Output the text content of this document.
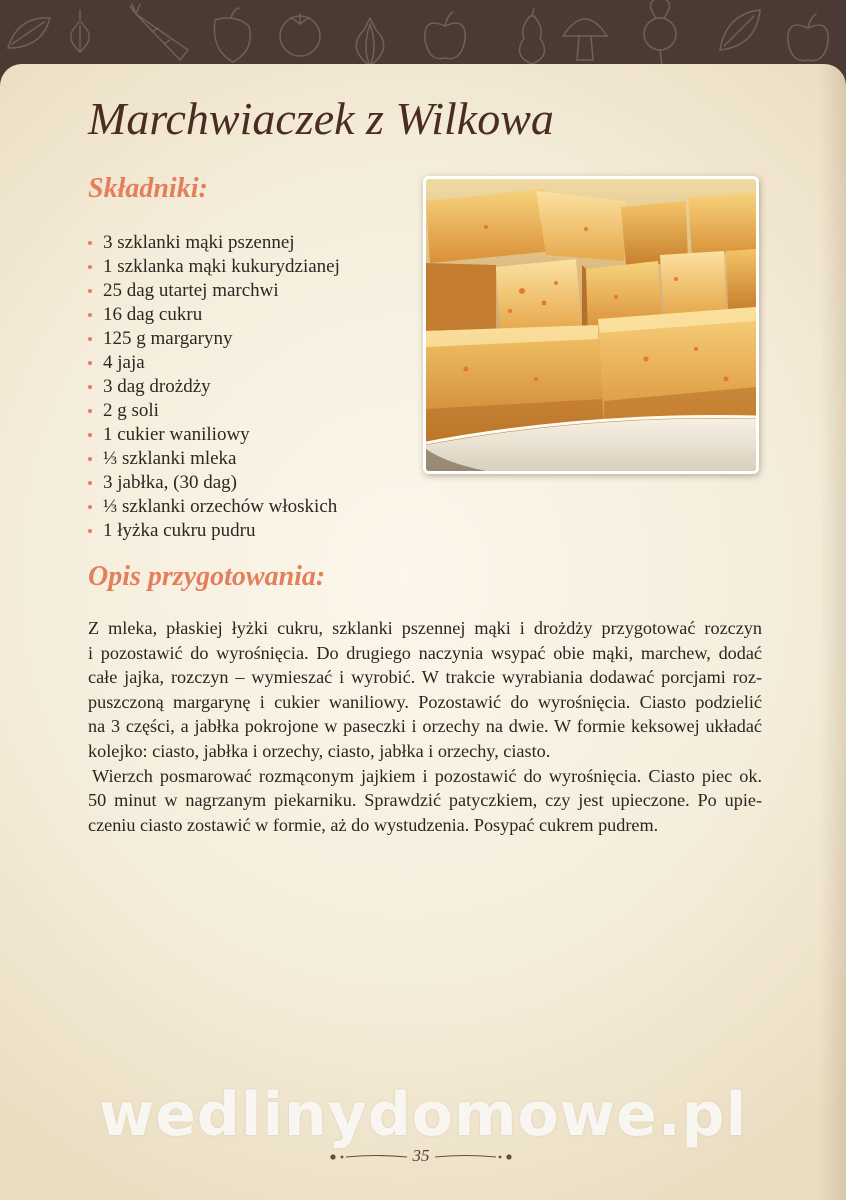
Marchwiaczek z Wilkowa
Składniki:
3 szklanki mąki pszennej
1 szklanka mąki kukurydzianej
25 dag utartej marchwi
16 dag cukru
125 g margaryny
4 jaja
3 dag drożdży
2 g soli
1 cukier waniliowy
⅓ szklanki mleka
3 jabłka, (30 dag)
⅓ szklanki orzechów włoskich
1 łyżka cukru pudru
Opis przygotowania:

Z mleka, płaskiej łyżki cukru, szklanki pszennej mąki i drożdży przygotować rozczyn
i pozostawić do wyrośnięcia. Do drugiego naczynia wsypać obie mąki, marchew, dodać
całe jajka, rozczyn – wymieszać i wyrobić. W trakcie wyrabiania dodawać porcjami roz-
puszczoną margarynę i cukier waniliowy. Pozostawić do wyrośnięcia. Ciasto podzielić
na 3 części, a jabłka pokrojone w paseczki i orzechy na dwie. W formie keksowej układać
kolejko: ciasto, jabłka i orzechy, ciasto, jabłka i orzechy, ciasto.

Wierzch posmarować rozmąconym jajkiem i pozostawić do wyrośnięcia. Ciasto piec ok.
50 minut w nagrzanym piekarniku. Sprawdzić patyczkiem, czy jest upieczone. Po upie-
czeniu ciasto zostawić w formie, aż do wystudzenia. Posypać cukrem pudrem.

wedlinydomowe.pl
35
